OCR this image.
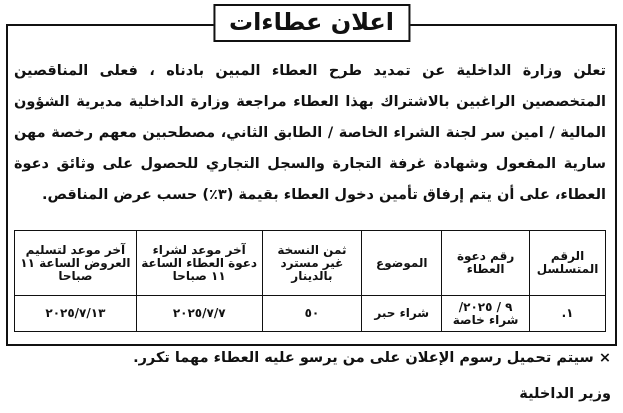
اعلان عطاءات
تعلن وزارة الداخلية عن تمديد طرح العطاء المبين بادناه ، فعلى المناقصين المتخصصين الراغبين بالاشتراك بهذا العطاء مراجعة وزارة الداخلية مديرية الشؤون المالية / امين سر لجنة الشراء الخاصة / الطابق الثاني، مصطحبين معهم رخصة مهن سارية المفعول وشهادة غرفة التجارة والسجل التجاري للحصول على وثائق دعوة العطاء، على أن يتم إرفاق تأمين دخول العطاء بقيمة (٣٪) حسب عرض المناقص.
الرقم المتسلسل	رقم دعوة العطاء	الموضوع	ثمن النسخة غير مسترد بالدينار	آخر موعد لشراء دعوة العطاء الساعة ١١ صباحا	آخر موعد لتسليم العروض الساعة ١١ صباحا
١.	٩ / ٢٠٢٥/ شراء خاصة	شراء حبر	٥٠	٢٠٢٥/٧/٧	٢٠٢٥/٧/١٣
× سيتم تحميل رسوم الإعلان على من يرسو عليه العطاء مهما تكرر.
وزير الداخلية
